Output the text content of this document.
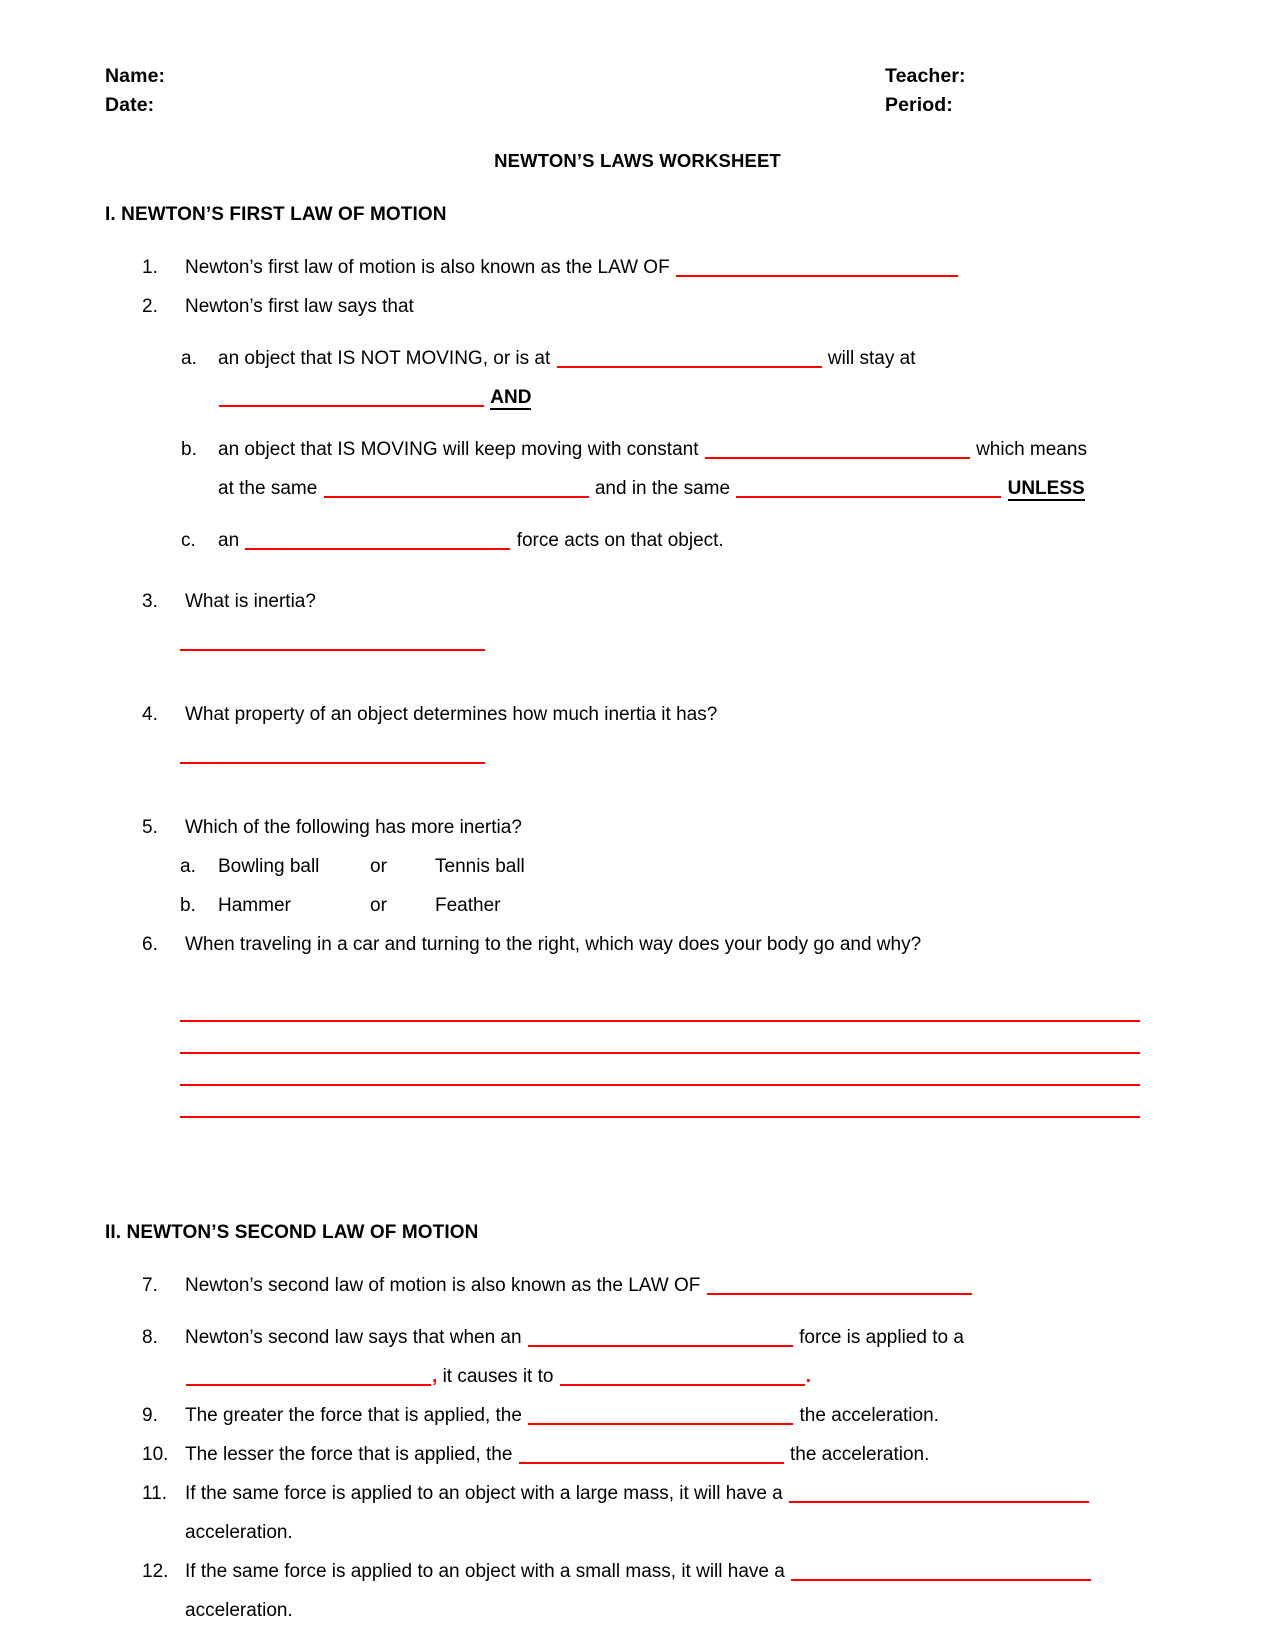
Name:	Teacher:
Date:	Period:
NEWTON’S LAWS WORKSHEET
I. NEWTON’S FIRST LAW OF MOTION
1.	Newton’s first law of motion is also known as the LAW OF
2.	Newton’s first law says that
a.	an object that IS NOT MOVING, or is at	will stay at
AND
b.	an object that IS MOVING will keep moving with constant	which means
at the same	and in the same	UNLESS
c.	an	force acts on that object.
3.	What is inertia?
4.	What property of an object determines how much inertia it has?
5.	Which of the following has more inertia?
a.	Bowling ball	or	Tennis ball
b.	Hammer	or	Feather
6.	When traveling in a car and turning to the right, which way does your body go and why?
II. NEWTON’S SECOND LAW OF MOTION
7.	Newton’s second law of motion is also known as the LAW OF
8.	Newton’s second law says that when an	force is applied to a
, it causes it to	.
9.	The greater the force that is applied, the	the acceleration.
10. The lesser the force that is applied, the	the acceleration.
11. If the same force is applied to an object with a large mass, it will have a
acceleration.
12. If the same force is applied to an object with a small mass, it will have a
acceleration.
